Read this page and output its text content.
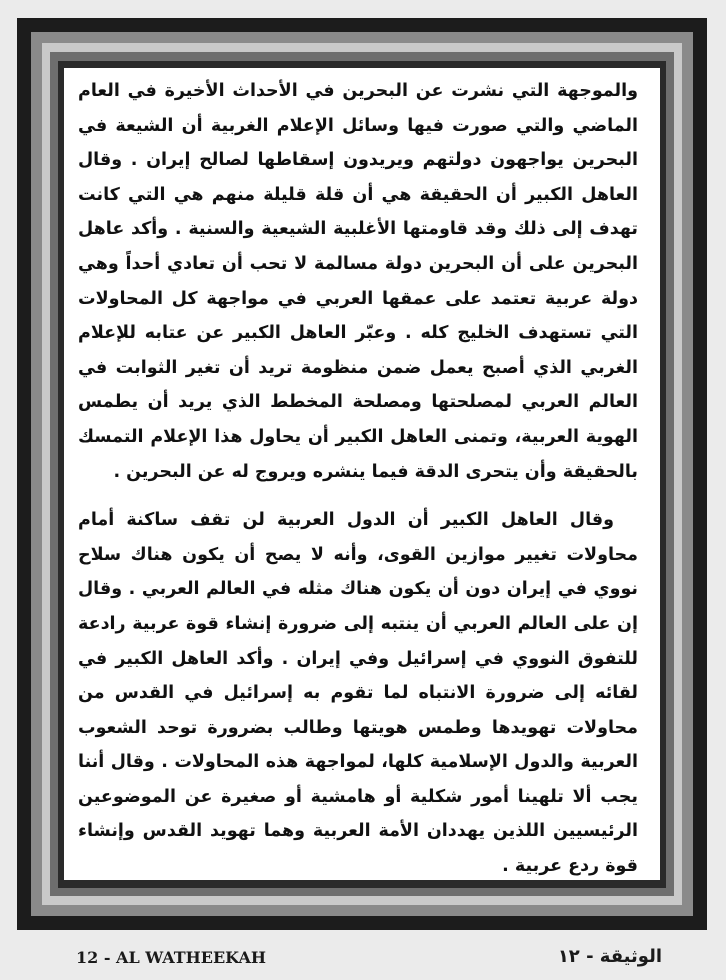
والموجهة التي نشرت عن البحرين في الأحداث الأخيرة في العام الماضي والتي صورت فيها وسائل الإعلام الغربية أن الشيعة في البحرين يواجهون دولتهم ويريدون إسقاطها لصالح إيران . وقال العاهل الكبير أن الحقيقة هي أن قلة قليلة منهم هي التي كانت تهدف إلى ذلك وقد قاومتها الأغلبية الشيعية والسنية . وأكد عاهل البحرين على أن البحرين دولة مسالمة لا تحب أن تعادي أحداً وهي دولة عربية تعتمد على عمقها العربي في مواجهة كل المحاولات التي تستهدف الخليج كله . وعبّر العاهل الكبير عن عتابه للإعلام الغربي الذي أصبح يعمل ضمن منظومة تريد أن تغير الثوابت في العالم العربي لمصلحتها ومصلحة المخطط الذي يريد أن يطمس الهوية العربية، وتمنى العاهل الكبير أن يحاول هذا الإعلام التمسك بالحقيقة وأن يتحرى الدقة فيما ينشره ويروج له عن البحرين .

وقال العاهل الكبير أن الدول العربية لن تقف ساكنة أمام محاولات تغيير موازين القوى، وأنه لا يصح أن يكون هناك سلاح نووي في إيران دون أن يكون هناك مثله في العالم العربي . وقال إن على العالم العربي أن ينتبه إلى ضرورة إنشاء قوة عربية رادعة للتفوق النووي في إسرائيل وفي إيران . وأكد العاهل الكبير في لقائه إلى ضرورة الانتباه لما تقوم به إسرائيل في القدس من محاولات تهويدها وطمس هويتها وطالب بضرورة توحد الشعوب العربية والدول الإسلامية كلها، لمواجهة هذه المحاولات . وقال أننا يجب ألا تلهينا أمور شكلية أو هامشية أو صغيرة عن الموضوعين الرئيسيين اللذين يهددان الأمة العربية وهما تهويد القدس وإنشاء قوة ردع عربية .

12 - AL WATHEEKAH	الوثيقة - ١٢
